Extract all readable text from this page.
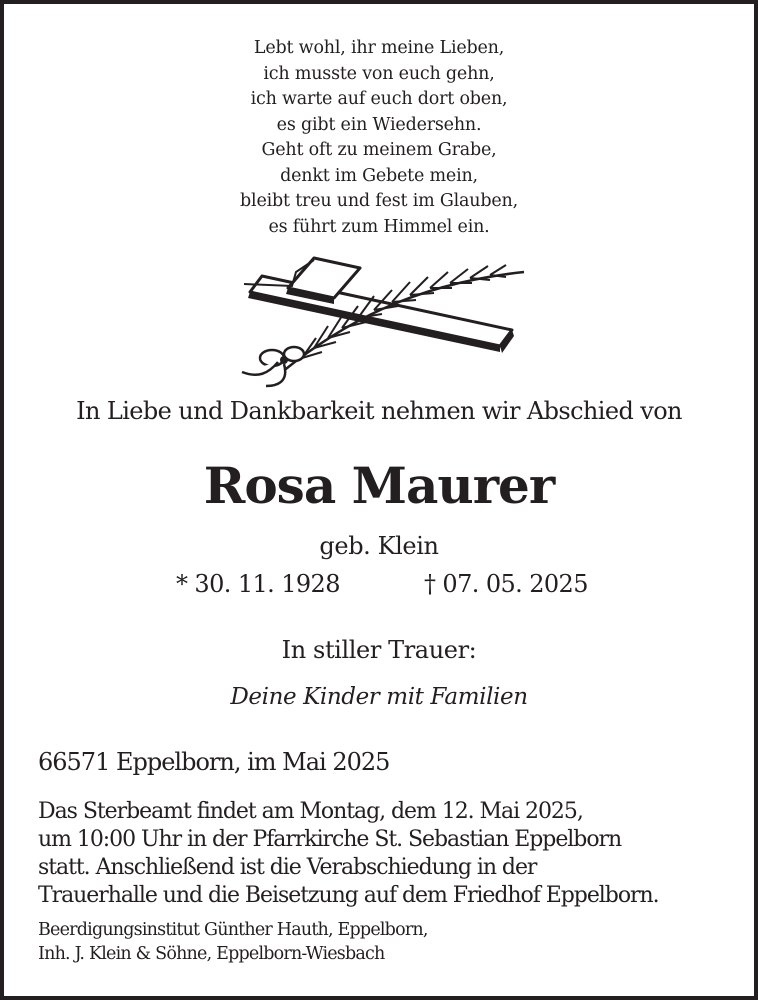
Lebt wohl, ihr meine Lieben,
ich musste von euch gehn,
ich warte auf euch dort oben,
es gibt ein Wiedersehn.
Geht oft zu meinem Grabe,
denkt im Gebete mein,
bleibt treu und fest im Glauben,
es führt zum Himmel ein.
In Liebe und Dankbarkeit nehmen wir Abschied von
Rosa Maurer
geb. Klein
* 30. 11. 1928	† 07. 05. 2025
In stiller Trauer:
Deine Kinder mit Familien
66571 Eppelborn, im Mai 2025
Das Sterbeamt findet am Montag, dem 12. Mai 2025,
um 10:00 Uhr in der Pfarrkirche St. Sebastian Eppelborn
statt. Anschließend ist die Verabschiedung in der
Trauerhalle und die Beisetzung auf dem Friedhof Eppelborn.
Beerdigungsinstitut Günther Hauth, Eppelborn,
Inh. J. Klein & Söhne, Eppelborn-Wiesbach
